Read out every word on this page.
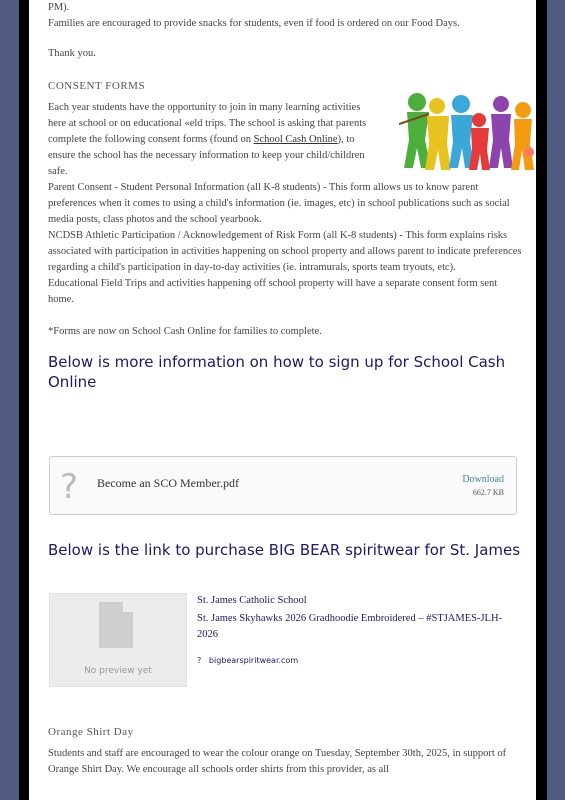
PM).

Families are encouraged to provide snacks for students, even if food is ordered on our Food Days.

Thank you.

CONSENT FORMS

Each year students have the opportunity to join in many learning activities here at school or on educational «eld trips. The school is asking that parents complete the following consent forms (found on School Cash Online), to ensure the school has the necessary information to keep your child/children safe.

Parent Consent - Student Personal Information (all K-8 students) - This form allows us to know parent preferences when it comes to using a child's information (ie. images, etc) in school publications such as social media posts, class photos and the school yearbook.

NCDSB Athletic Participation / Acknowledgement of Risk Form (all K-8 students) - This form explains risks associated with participation in activities happening on school property and allows parent to indicate preferences regarding a child's participation in day-to-day activities (ie. intramurals, sports team tryouts, etc).

Educational Field Trips and activities happening off school property will have a separate consent form sent home.

*Forms are now on School Cash Online for families to complete.

Below is more information on how to sign up for School Cash Online

? Become an SCO Member.pdf	Download
662.7 KB

Below is the link to purchase BIG BEAR spiritwear for St. James

No preview yet
St. James Catholic School
St. James Skyhawks 2026 Gradhoodie Embroidered – #STJAMES-JLH-2026
? bigbearspiritwear.com

Orange Shirt Day

Students and staff are encouraged to wear the colour orange on Tuesday, September 30th, 2025, in support of Orange Shirt Day. We encourage all schools order shirts from this provider, as all
